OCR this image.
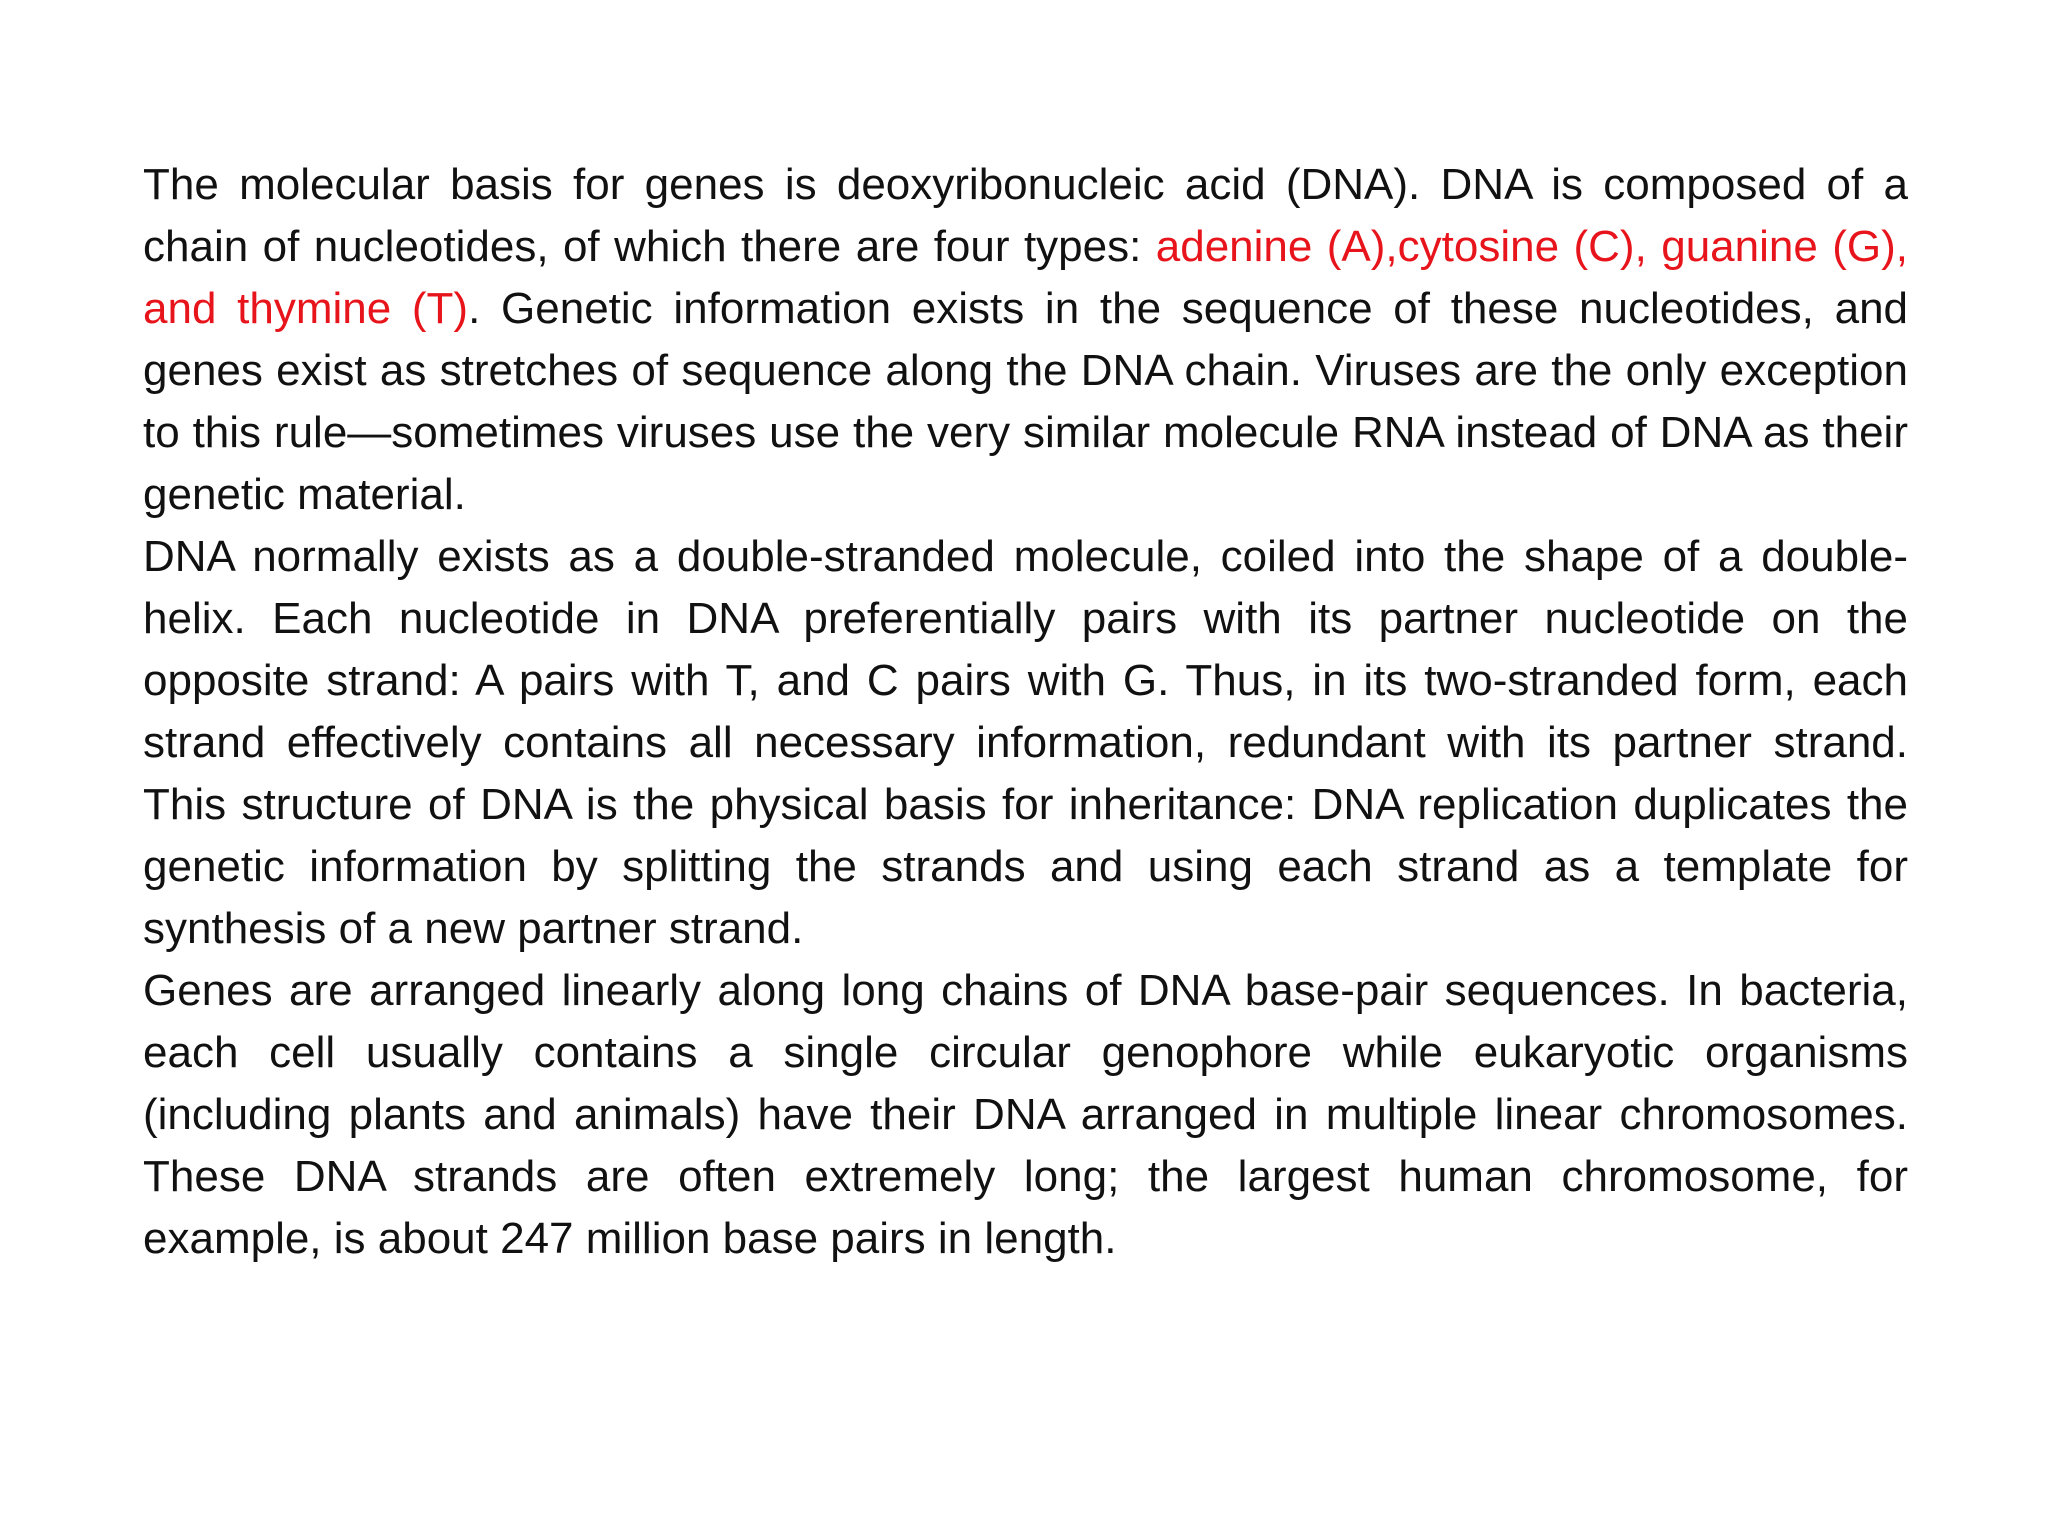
The molecular basis for genes is deoxyribonucleic acid (DNA). DNA is composed of a chain of nucleotides, of which there are four types: adenine (A),cytosine (C), guanine (G), and thymine (T). Genetic information exists in the sequence of these nucleotides, and genes exist as stretches of sequence along the DNA chain. Viruses are the only exception to this rule—sometimes viruses use the very similar molecule RNA instead of DNA as their genetic material.

DNA normally exists as a double-stranded molecule, coiled into the shape of a double-helix. Each nucleotide in DNA preferentially pairs with its partner nucleotide on the opposite strand: A pairs with T, and C pairs with G. Thus, in its two-stranded form, each strand effectively contains all necessary information, redundant with its partner strand. This structure of DNA is the physical basis for inheritance: DNA replication duplicates the genetic information by splitting the strands and using each strand as a template for synthesis of a new partner strand.

Genes are arranged linearly along long chains of DNA base-pair sequences. In bacteria, each cell usually contains a single circular genophore while eukaryotic organisms (including plants and animals) have their DNA arranged in multiple linear chromosomes. These DNA strands are often extremely long; the largest human chromosome, for example, is about 247 million base pairs in length.
